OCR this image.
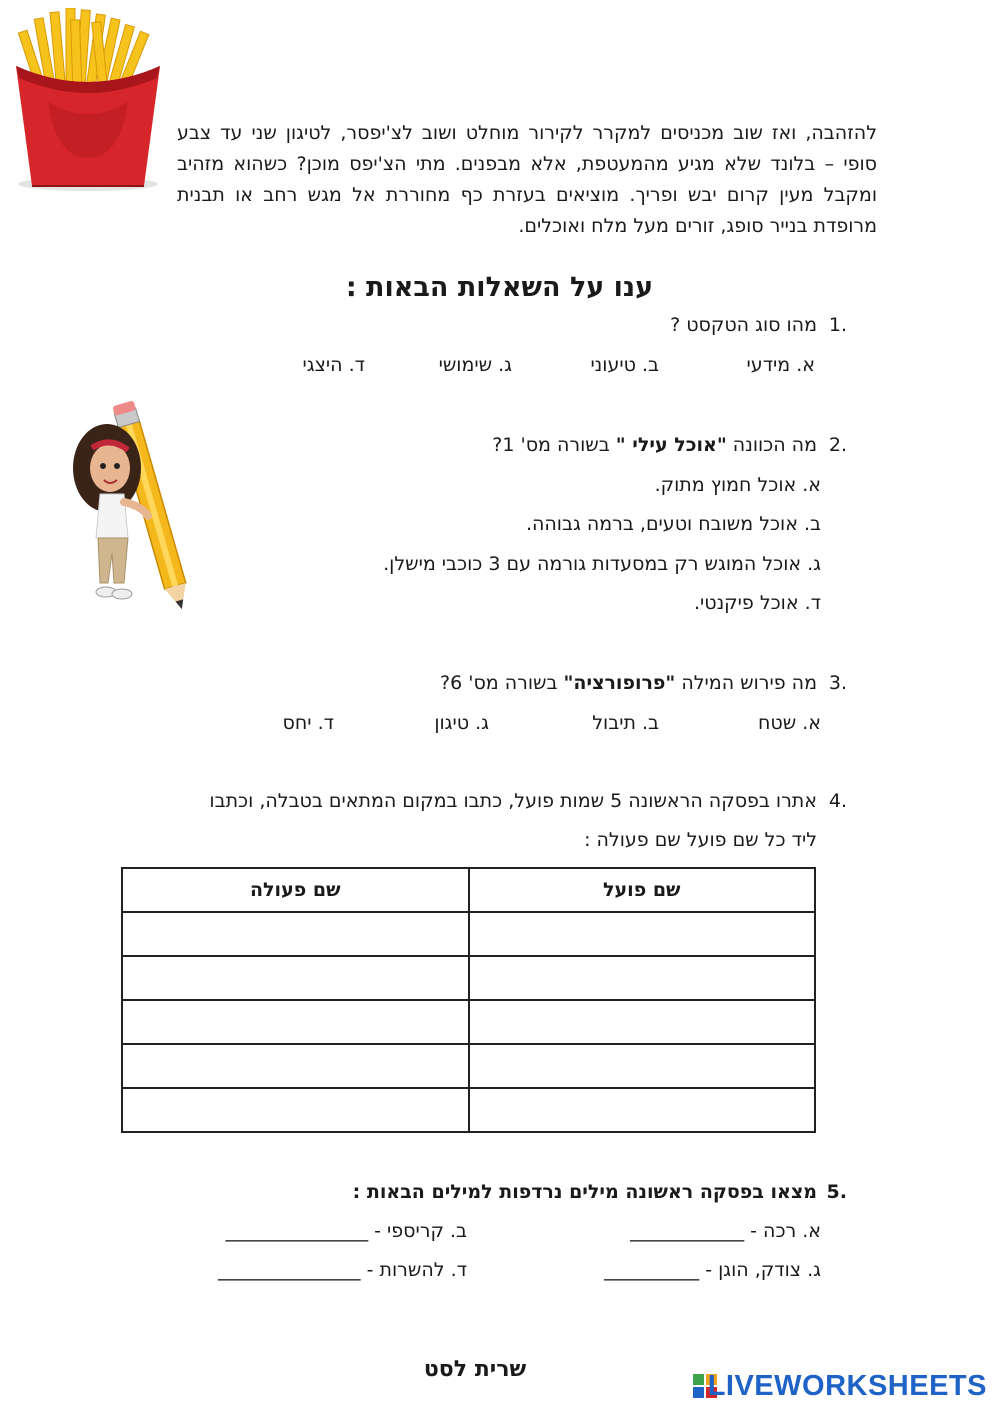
להזהבה, ואז שוב מכניסים למקרר לקירור מוחלט ושוב לצ'יפסר, לטיגון שני עד צבע סופי – בלונד שלא מגיע מהמעטפת, אלא מבפנים. מתי הצ'יפס מוכן? כשהוא מזהיב ומקבל מעין קרום יבש ופריך. מוציאים בעזרת כף מחוררת אל מגש רחב או תבנית מרופדת בנייר סופג, זורים מעל מלח ואוכלים.
ענו על השאלות הבאות :
1.
מהו סוג הטקסט ?
א. מידעי
ב. טיעוני
ג. שימושי
ד. היצגי
2.
מה הכוונה "אוכל עילי " בשורה מס' 1?
א. אוכל חמוץ מתוק.
ב. אוכל משובח וטעים, ברמה גבוהה.
ג. אוכל המוגש רק במסעדות גורמה עם 3 כוכבי מישלן.
ד. אוכל פיקנטי.
3.
מה פירוש המילה "פרופורציה" בשורה מס' 6?
א. שטח
ב. תיבול
ג. טיגון
ד. יחס
4.
אתרו בפסקה הראשונה 5 שמות פועל, כתבו במקום המתאים בטבלה, וכתבו
ליד כל שם פועל שם פעולה :
שם פועל	שם פעולה

5.
מצאו בפסקה ראשונה מילים נרדפות למילים הבאות :
א. רכה - ____________
ב. קריספי - _______________
ג. צודק, הוגן - __________
ד. להשרות - _______________
שרית לסט
LIVEWORKSHEETS
